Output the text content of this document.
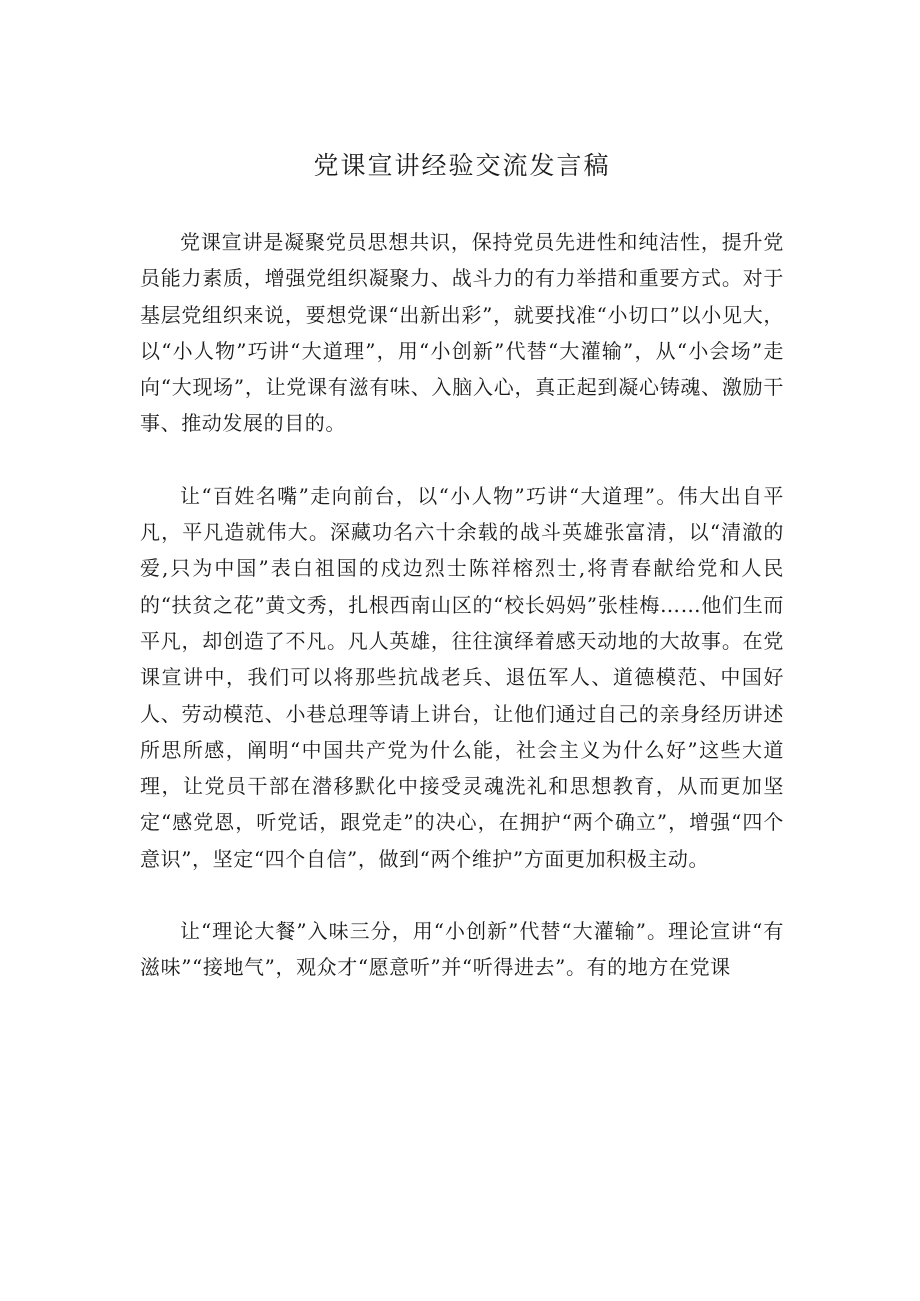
党课宣讲经验交流发言稿

党课宣讲是凝聚党员思想共识，保持党员先进性和纯洁性，提升党员能力素质，增强党组织凝聚力、战斗力的有力举措和重要方式。对于基层党组织来说，要想党课“出新出彩”，就要找准“小切口”以小见大，以“小人物”巧讲“大道理”，用“小创新”代替“大灌输”，从“小会场”走向“大现场”，让党课有滋有味、入脑入心，真正起到凝心铸魂、激励干事、推动发展的目的。

让“百姓名嘴”走向前台，以“小人物”巧讲“大道理”。伟大出自平凡，平凡造就伟大。深藏功名六十余载的战斗英雄张富清，以“清澈的爱,只为中国”表白祖国的戍边烈士陈祥榕烈士,将青春献给党和人民的“扶贫之花”黄文秀，扎根西南山区的“校长妈妈”张桂梅……他们生而平凡，却创造了不凡。凡人英雄，往往演绎着感天动地的大故事。在党课宣讲中，我们可以将那些抗战老兵、退伍军人、道德模范、中国好人、劳动模范、小巷总理等请上讲台，让他们通过自己的亲身经历讲述所思所感，阐明“中国共产党为什么能，社会主义为什么好”这些大道理，让党员干部在潜移默化中接受灵魂洗礼和思想教育，从而更加坚定“感党恩，听党话，跟党走”的决心，在拥护“两个确立”，增强“四个意识”，坚定“四个自信”，做到“两个维护”方面更加积极主动。

让“理论大餐”入味三分，用“小创新”代替“大灌输”。理论宣讲“有滋味”“接地气”，观众才“愿意听”并“听得进去”。有的地方在党课
